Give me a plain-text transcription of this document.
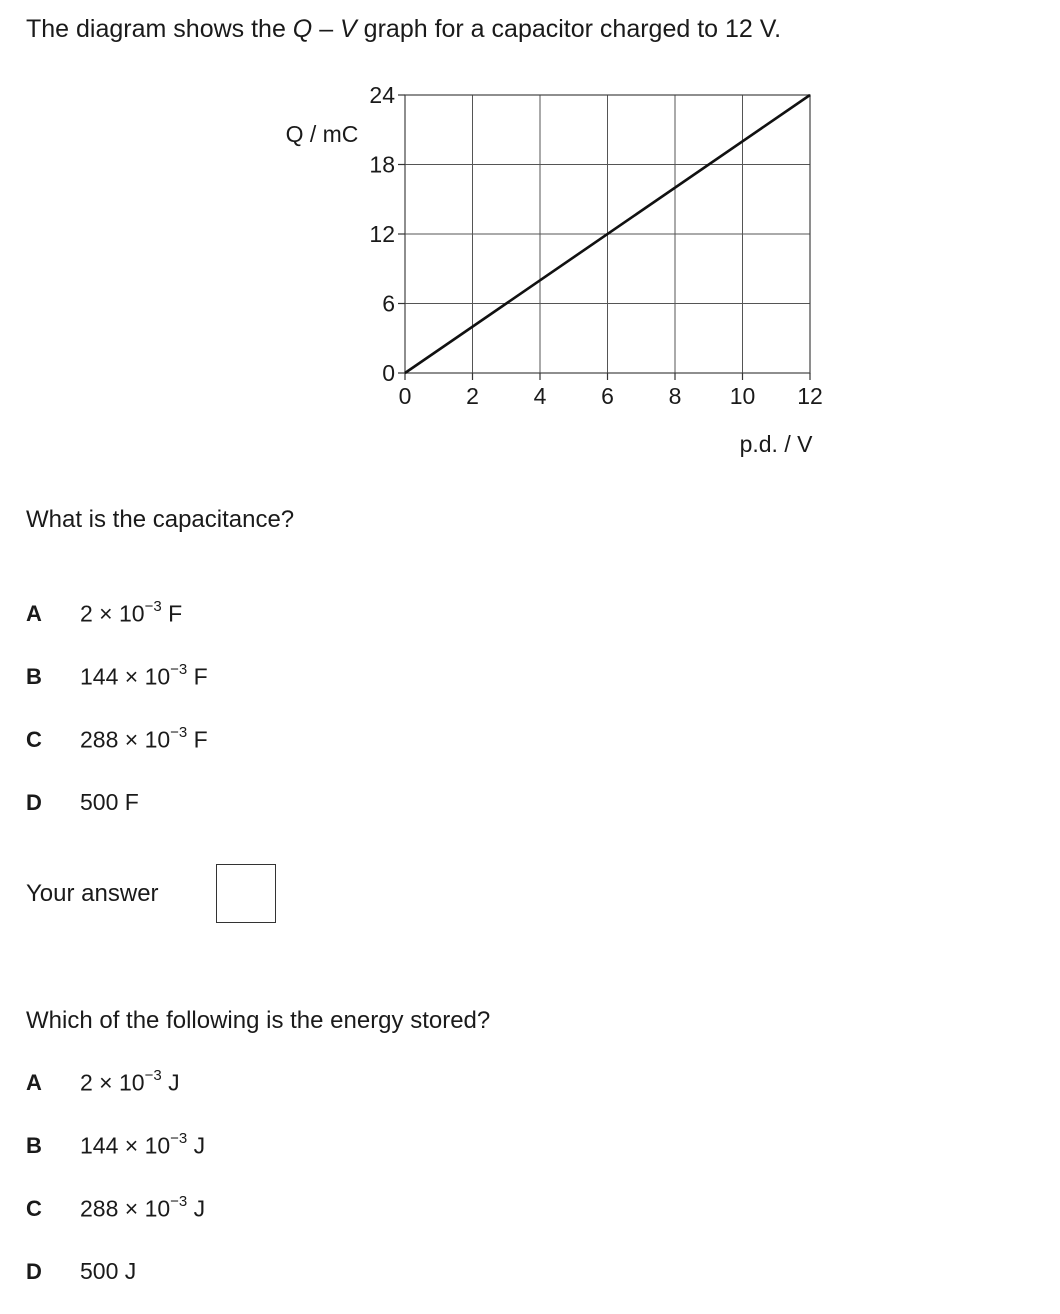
The diagram shows the Q – V graph for a capacitor charged to 12 V.
0
6
12
18
24
0 2 4 6 8 10 12
Q / mC
p.d. / V
What is the capacitance?
A $2 \times 10^{-3}$ F
B $144 \times 10^{-3}$ F
C $288 \times 10^{-3}$ F
D 500 F
Your answer
Which of the following is the energy stored?
A $2 \times 10^{-3}$ J
B $144 \times 10^{-3}$ J
C $288 \times 10^{-3}$ J
D 500 J
